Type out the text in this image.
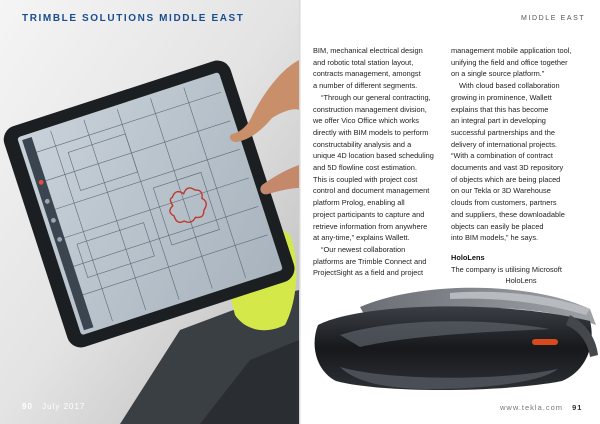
TRIMBLE SOLUTIONS MIDDLE EAST
90 July 2017
MIDDLE EAST

BIM, mechanical electrical design

and robotic total station layout,

contracts management, amongst

a number of different segments.

“Through our general contracting,

construction management division,

we offer Vico Office which works

directly with BIM models to perform

constructability analysis and a

unique 4D location based scheduling

and 5D flowline cost estimation.

This is coupled with project cost

control and document management

platform Prolog, enabling all

project participants to capture and

retrieve information from anywhere

at any-time,” explains Wallett.

“Our newest collaboration

platforms are Trimble Connect and

ProjectSight as a field and project

management mobile application tool,

unifying the field and office together

on a single source platform.”

With cloud based collaboration

growing in prominence, Wallett

explains that this has become

an integral part in developing

successful partnerships and the

delivery of international projects.

“With a combination of contract

documents and vast 3D repository

of objects which are being placed

on our Tekla or 3D Warehouse

clouds from customers, partners

and suppliers, these downloadable

objects can easily be placed

into BIM models,” he says.

HoloLens

The company is utilising Microsoft

HoloLens

www.tekla.com 91
